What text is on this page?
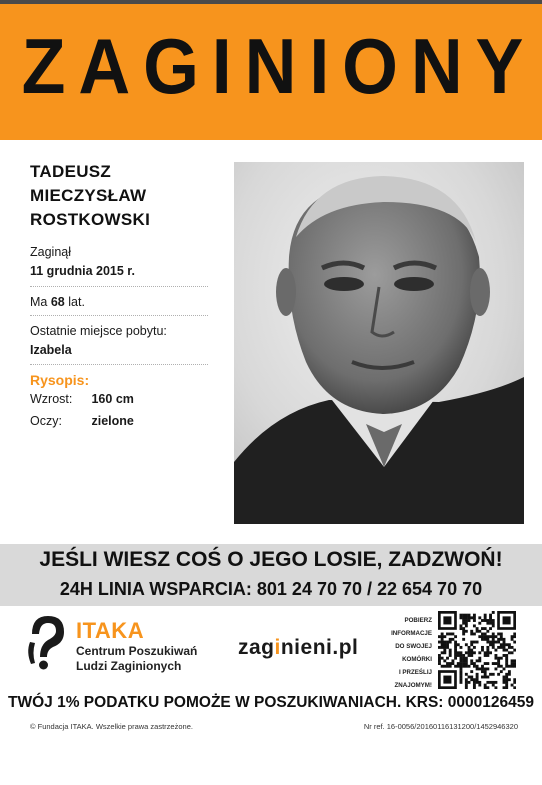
ZAGINIONY
TADEUSZ
MIECZYSŁAW
ROSTKOWSKI
Zaginął
11 grudnia 2015 r.
Ma 68 lat.
Ostatnie miejsce pobytu:
Izabela
Rysopis:
Wzrost: 160 cm
Oczy: zielone
JEŚLI WIESZ COŚ O JEGO LOSIE, ZADZWOŃ!
24H LINIA WSPARCIA: 801 24 70 70 / 22 654 70 70
ITAKA
Centrum Poszukiwań
Ludzi Zaginionych
zaginieni.pl
POBIERZ
INFORMACJE
DO SWOJEJ
KOMÓRKI
I PRZEŚLIJ
ZNAJOMYM!
TWÓJ 1% PODATKU POMOŻE W POSZUKIWANIACH. KRS: 0000126459
© Fundacja ITAKA. Wszelkie prawa zastrzeżone.	Nr ref. 16-0056/20160116131200/1452946320
